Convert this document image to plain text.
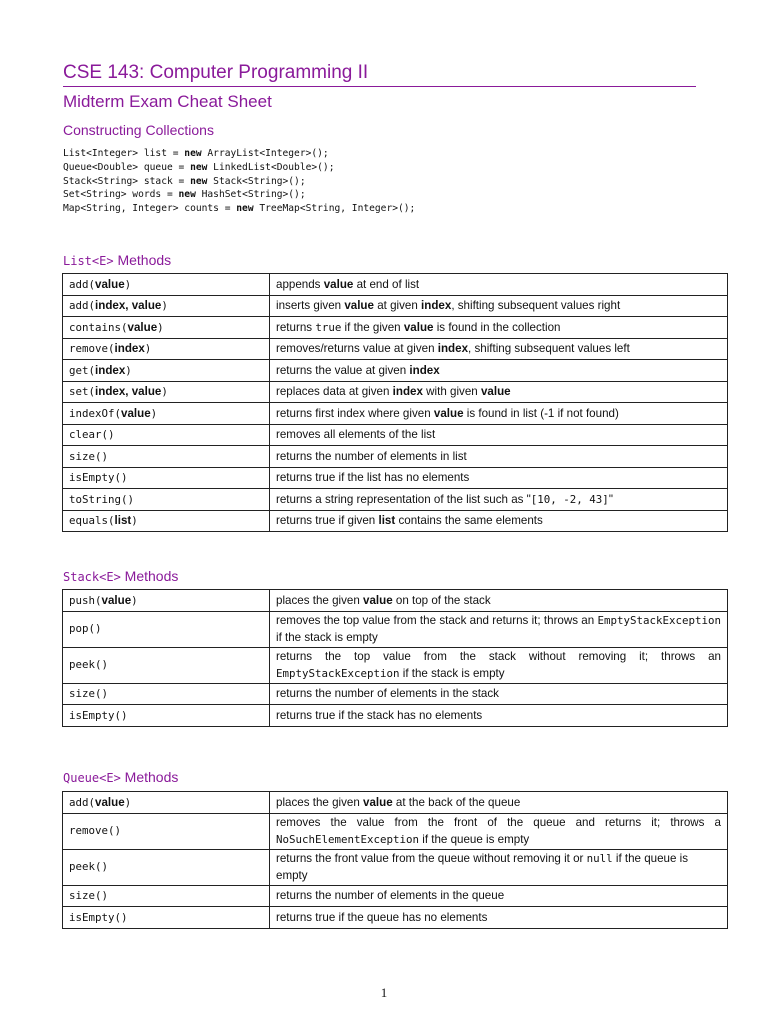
CSE 143: Computer Programming II
Midterm Exam Cheat Sheet
Constructing Collections
List<Integer> list = new ArrayList<Integer>();
Queue<Double> queue = new LinkedList<Double>();
Stack<String> stack = new Stack<String>();
Set<String> words = new HashSet<String>();
Map<String, Integer> counts = new TreeMap<String, Integer>();
List<E> Methods
add(value)	appends value at end of list
add(index, value)	inserts given value at given index, shifting subsequent values right
contains(value)	returns true if the given value is found in the collection
remove(index)	removes/returns value at given index, shifting subsequent values left
get(index)	returns the value at given index
set(index, value)	replaces data at given index with given value
indexOf(value)	returns first index where given value is found in list (-1 if not found)
clear()	removes all elements of the list
size()	returns the number of elements in list
isEmpty()	returns true if the list has no elements
toString()	returns a string representation of the list such as "[10, -2, 43]"
equals(list)	returns true if given list contains the same elements
Stack<E> Methods
push(value)	places the given value on top of the stack
pop()	removes the top value from the stack and returns it; throws an EmptyStackException if the stack is empty
peek()	returns the top value from the stack without removing it; throws an EmptyStackException if the stack is empty
size()	returns the number of elements in the stack
isEmpty()	returns true if the stack has no elements
Queue<E> Methods
add(value)	places the given value at the back of the queue
remove()	removes the value from the front of the queue and returns it; throws a NoSuchElementException if the queue is empty
peek()	returns the front value from the queue without removing it or null if the queue is empty
size()	returns the number of elements in the queue
isEmpty()	returns true if the queue has no elements
1
